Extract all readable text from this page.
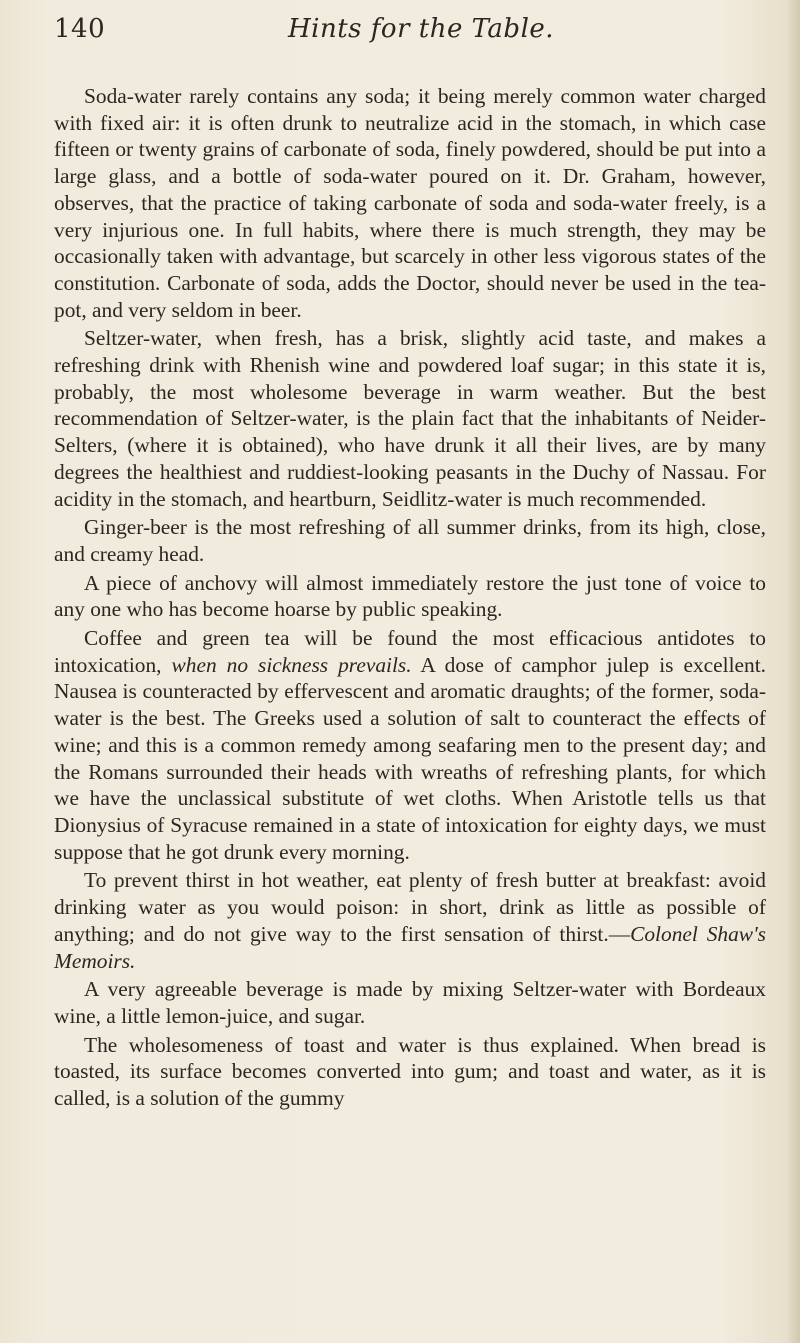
140	Hints for the Table.

Soda-water rarely contains any soda; it being merely common water charged with fixed air: it is often drunk to neutralize acid in the stomach, in which case fifteen or twenty grains of carbonate of soda, finely powdered, should be put into a large glass, and a bottle of soda-water poured on it. Dr. Graham, however, observes, that the practice of taking carbonate of soda and soda-water freely, is a very injurious one. In full habits, where there is much strength, they may be occasionally taken with advantage, but scarcely in other less vigorous states of the constitution. Carbonate of soda, adds the Doctor, should never be used in the tea-pot, and very seldom in beer.

Seltzer-water, when fresh, has a brisk, slightly acid taste, and makes a refreshing drink with Rhenish wine and powdered loaf sugar; in this state it is, probably, the most wholesome beverage in warm weather. But the best recommendation of Seltzer-water, is the plain fact that the inhabitants of Neider-Selters, (where it is obtained), who have drunk it all their lives, are by many degrees the healthiest and ruddiest-looking peasants in the Duchy of Nassau. For acidity in the stomach, and heartburn, Seidlitz-water is much recommended.

Ginger-beer is the most refreshing of all summer drinks, from its high, close, and creamy head.

A piece of anchovy will almost immediately restore the just tone of voice to any one who has become hoarse by public speaking.

Coffee and green tea will be found the most efficacious antidotes to intoxication, when no sickness prevails. A dose of camphor julep is excellent. Nausea is counteracted by effervescent and aromatic draughts; of the former, soda-water is the best. The Greeks used a solution of salt to counteract the effects of wine; and this is a common remedy among seafaring men to the present day; and the Romans surrounded their heads with wreaths of refreshing plants, for which we have the unclassical substitute of wet cloths. When Aristotle tells us that Dionysius of Syracuse remained in a state of intoxication for eighty days, we must suppose that he got drunk every morning.

To prevent thirst in hot weather, eat plenty of fresh butter at breakfast: avoid drinking water as you would poison: in short, drink as little as possible of anything; and do not give way to the first sensation of thirst.—Colonel Shaw's Memoirs.

A very agreeable beverage is made by mixing Seltzer-water with Bordeaux wine, a little lemon-juice, and sugar.

The wholesomeness of toast and water is thus explained. When bread is toasted, its surface becomes converted into gum; and toast and water, as it is called, is a solution of the gummy
